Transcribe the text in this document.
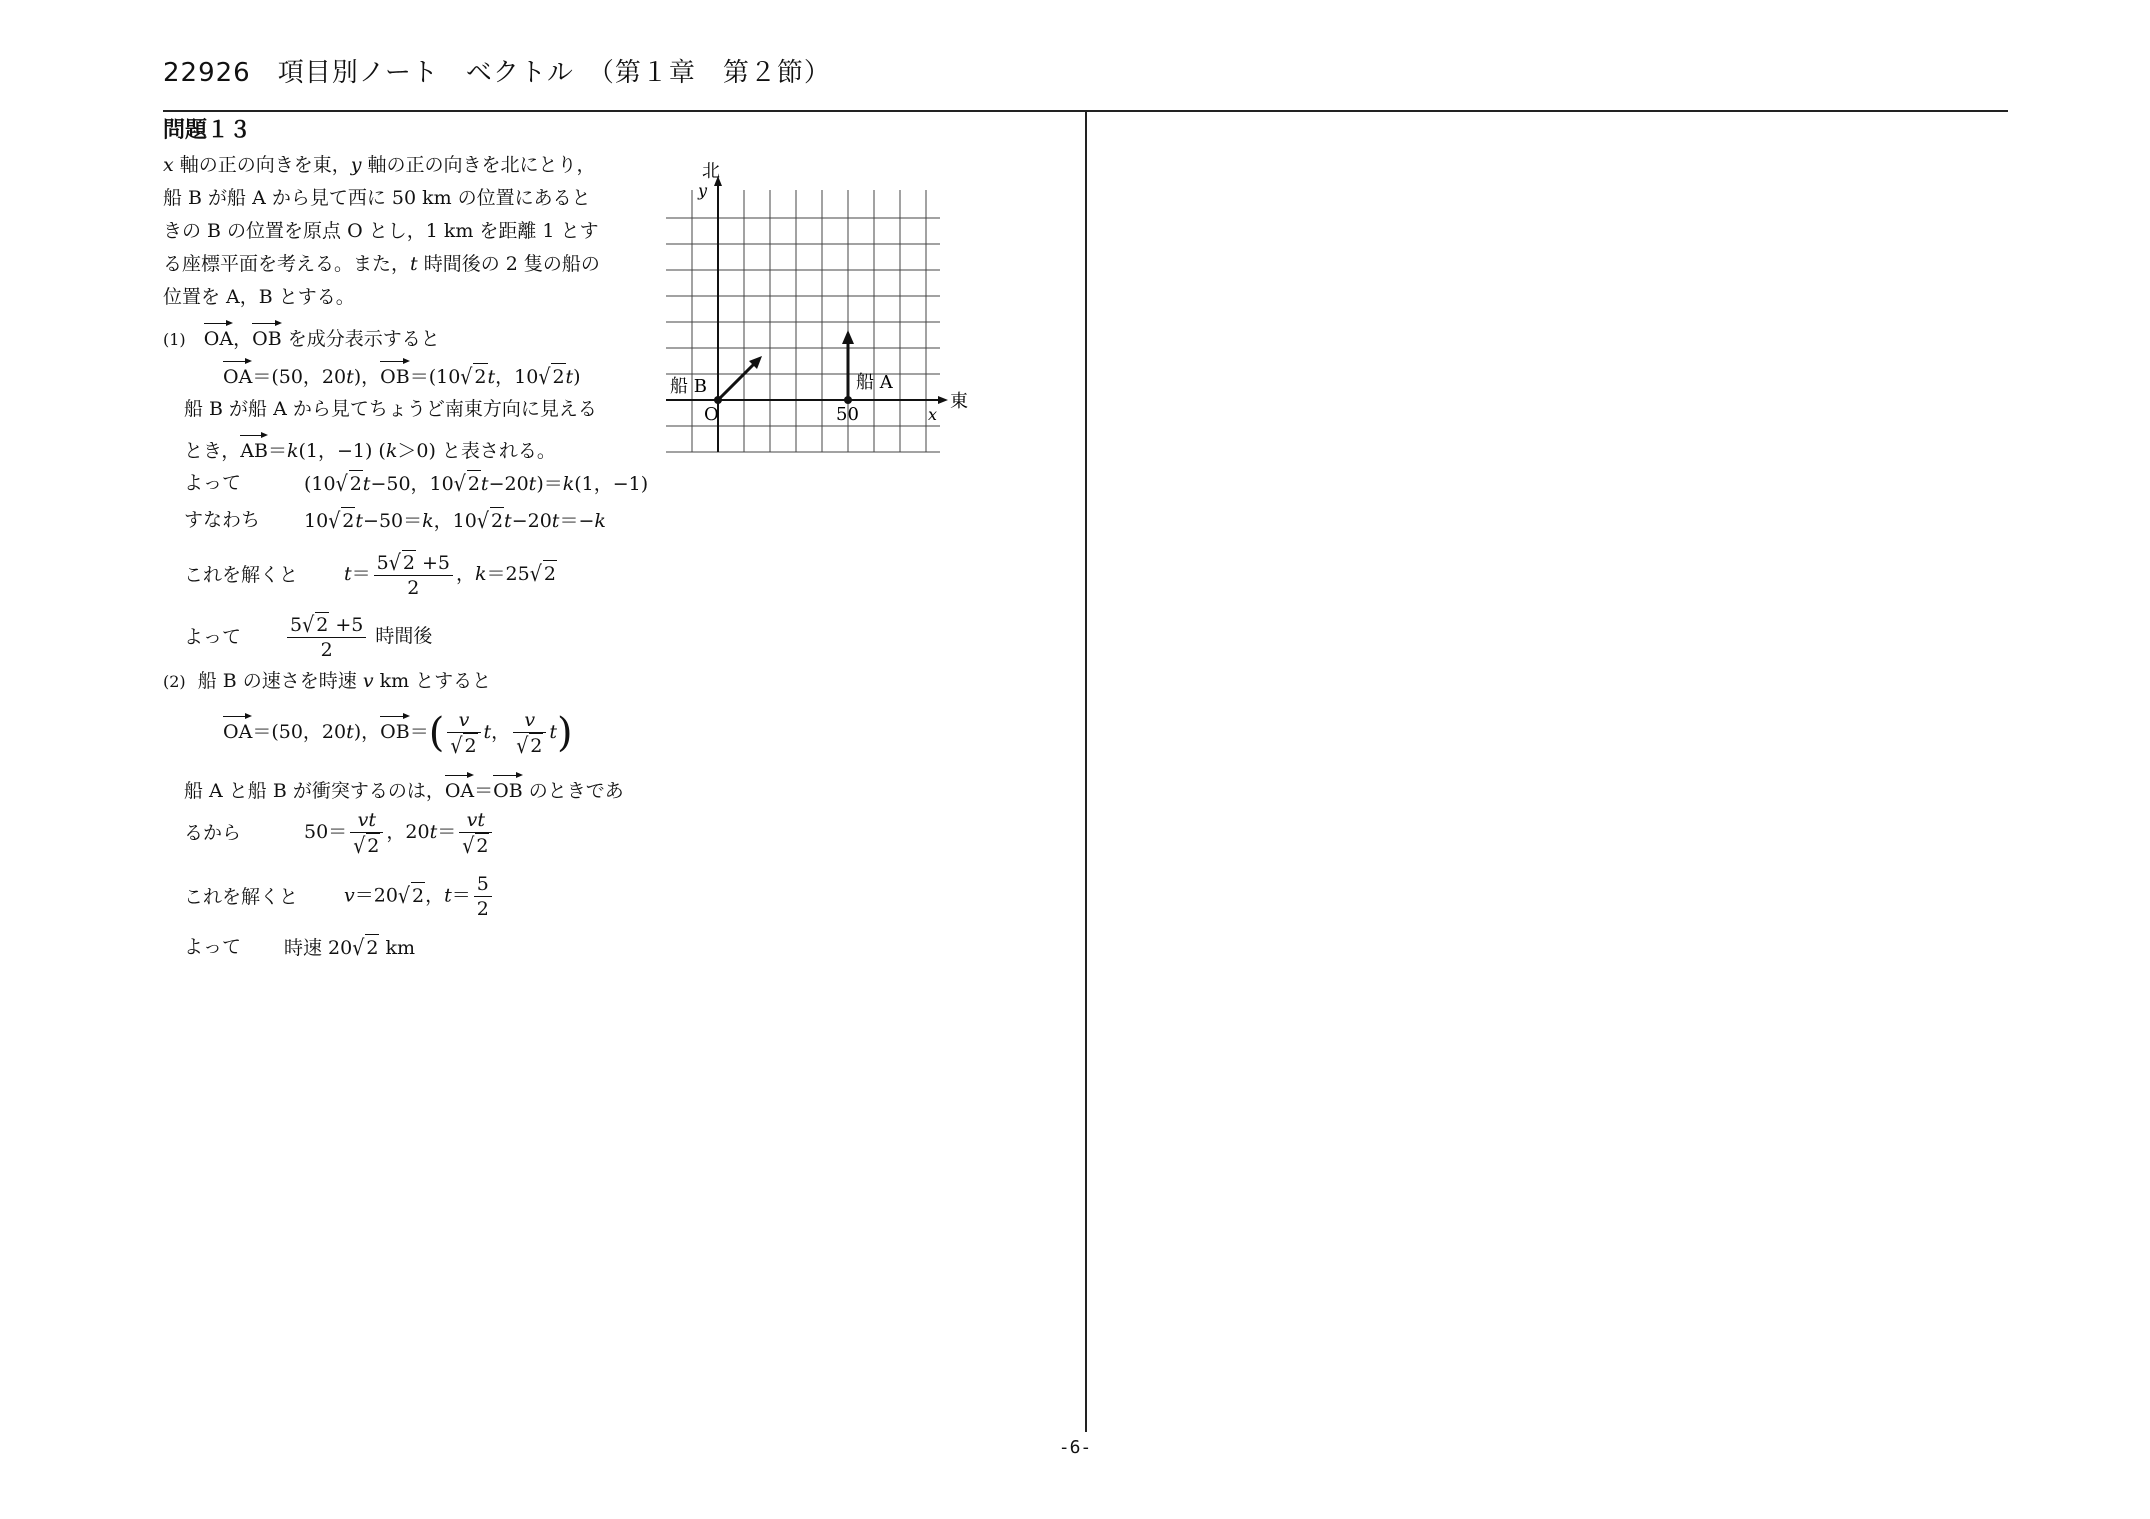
22926　項目別ノート　ベクトル　（第１章　第２節）
問題１３
x 軸の正の向きを東，y 軸の正の向きを北にとり，
船 B が船 A から見て西に 50 km の位置にあると
きの B の位置を原点 O とし，1 km を距離 1 とす
る座標平面を考える。また，t 時間後の 2 隻の船の
位置を A，B とする。
(1) OA，OB を成分表示すると
OA＝(50，20t)，OB＝(10√ 2t，10√ 2t)
船 B が船 A から見てちょうど南東方向に見える
とき，AB＝k(1，−1) (k＞0) と表される。
よって	(10√ 2t−50，10√ 2t−20t)＝k(1，−1)
すなわち 10√ 2t−50＝k，10√ 2t−20t＝−k
これを解くと $t= \frac{5√ 2 +5}{2}$ ，k＝25√ 2
よって $\frac{5√ 2 +5}{2}$ 時間後
(2)  船 B の速さを時速 v km とすると
OA＝(50，20t)，$OB=( \frac{v}{√ 2}$ t， $\frac{v}{√ 2} t$)
船 A と船 B が衝突するのは，OA＝OB のときであ
るから	$50= \frac{vt}{√ 2}$ ，$20t= \frac{vt}{√ 2}$
これを解くと v＝20√ 2，$t= \frac{5}{2}$
よって 時速 20√ 2 km
北
y
東
x
O	50
船 B	船 A
-6-
